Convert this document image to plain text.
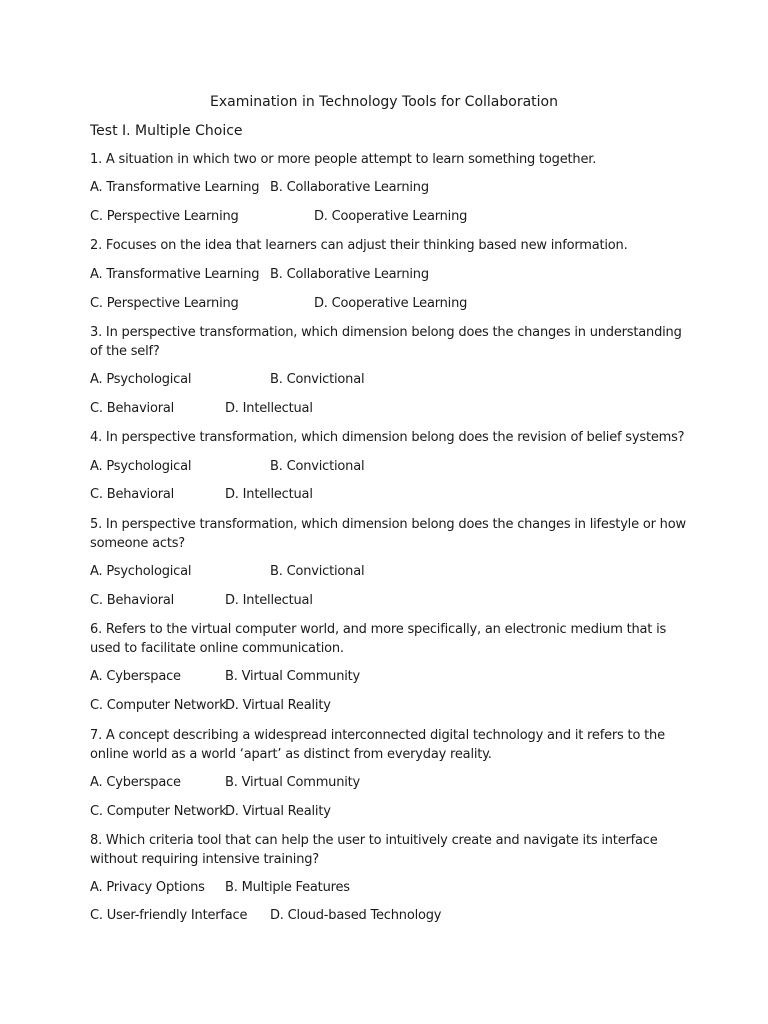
Examination in Technology Tools for Collaboration
Test I. Multiple Choice
1. A situation in which two or more people attempt to learn something together.
A. Transformative Learning B. Collaborative Learning
C. Perspective Learning	D. Cooperative Learning
2. Focuses on the idea that learners can adjust their thinking based new information.
A. Transformative Learning B. Collaborative Learning
C. Perspective Learning	D. Cooperative Learning
3. In perspective transformation, which dimension belong does the changes in understanding of the self?
A. Psychological	B. Convictional
C. Behavioral	D. Intellectual
4. In perspective transformation, which dimension belong does the revision of belief systems?
A. Psychological	B. Convictional
C. Behavioral	D. Intellectual
5. In perspective transformation, which dimension belong does the changes in lifestyle or how someone acts?
A. Psychological	B. Convictional
C. Behavioral	D. Intellectual
6. Refers to the virtual computer world, and more specifically, an electronic medium that is used to facilitate online communication.
A. Cyberspace	B. Virtual Community
C. Computer Network
D. Virtual Reality
7. A concept describing a widespread interconnected digital technology and it refers to the online world as a world ‘apart’ as distinct from everyday reality.
A. Cyberspace	B. Virtual Community
C. Computer Network
D. Virtual Reality
8. Which criteria tool that can help the user to intuitively create and navigate its interface without requiring intensive training?
A. Privacy Options B. Multiple Features
C. User-friendly Interface D. Cloud-based Technology
